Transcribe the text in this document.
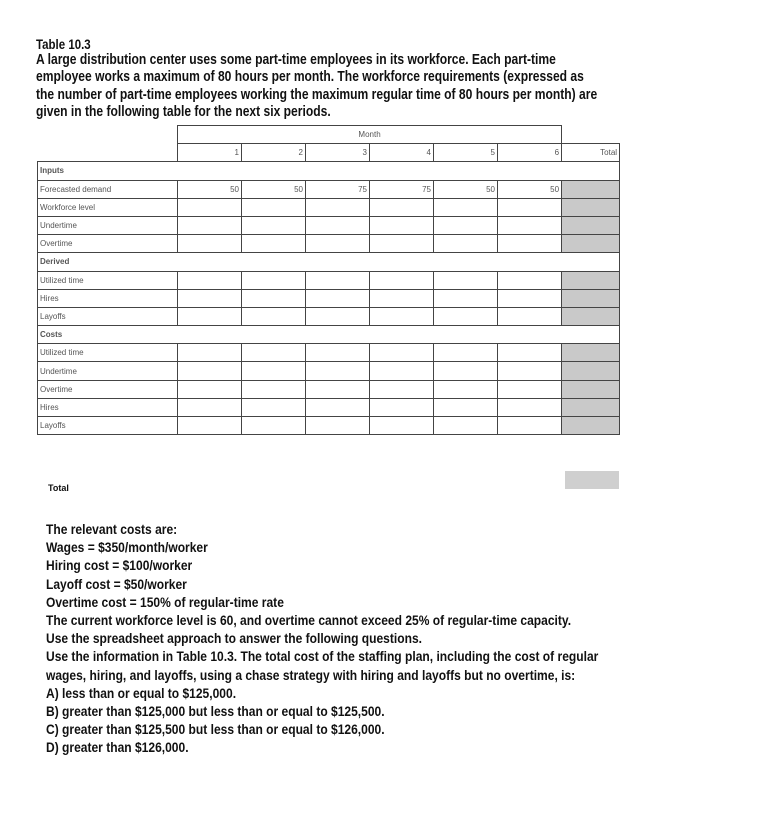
Table 10.3
A large distribution center uses some part-time employees in its workforce. Each part-time
employee works a maximum of 80 hours per month. The workforce requirements (expressed as
the number of part-time employees working the maximum regular time of 80 hours per month) are
given in the following table for the next six periods.
	Month						
	1	2	3	4	5	6	Total
Inputs							
Forecasted demand	50	50	75	75	50	50	
Workforce level							
Undertime							
Overtime							
Derived							
Utilized time							
Hires							
Layoffs							
Costs							
Utilized time							
Undertime							
Overtime							
Hires							
Layoffs							
Total
The relevant costs are:
Wages = $350/month/worker
Hiring cost = $100/worker
Layoff cost = $50/worker
Overtime cost = 150% of regular-time rate
The current workforce level is 60, and overtime cannot exceed 25% of regular-time capacity.
Use the spreadsheet approach to answer the following questions.
Use the information in Table 10.3. The total cost of the staffing plan, including the cost of regular
wages, hiring, and layoffs, using a chase strategy with hiring and layoffs but no overtime, is:
A) less than or equal to $125,000.
B) greater than $125,000 but less than or equal to $125,500.
C) greater than $125,500 but less than or equal to $126,000.
D) greater than $126,000.
